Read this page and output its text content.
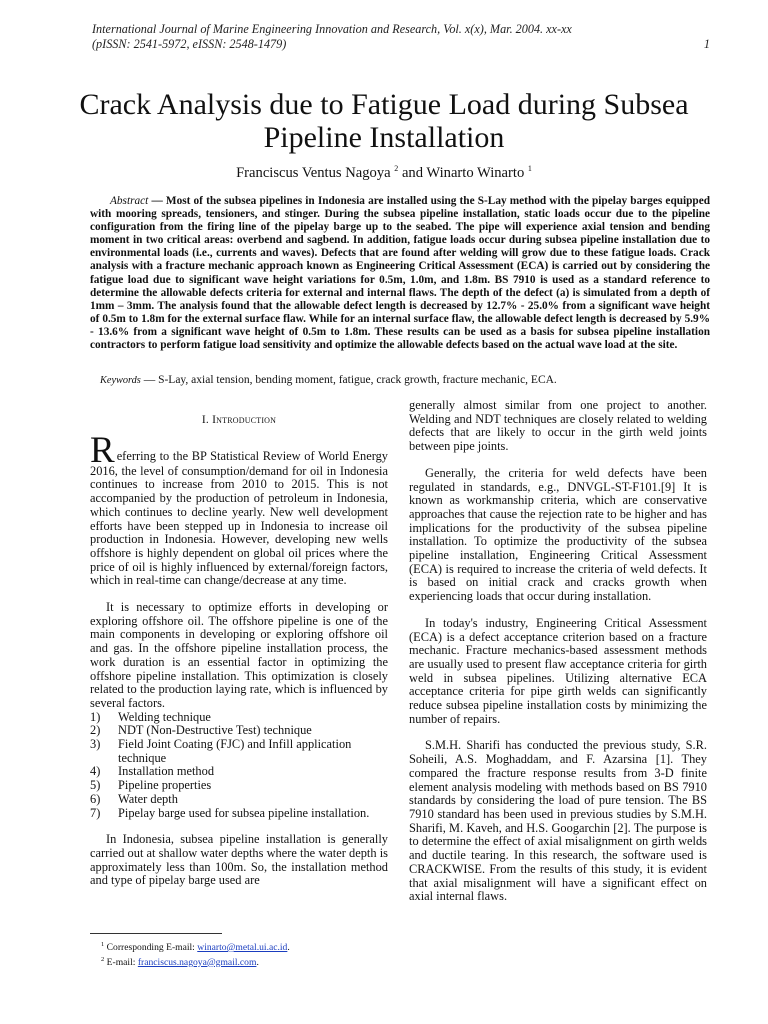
International Journal of Marine Engineering Innovation and Research, Vol. x(x), Mar. 2004. xx-xx
(pISSN: 2541-5972, eISSN: 2548-1479)	1
Crack Analysis due to Fatigue Load during Subsea Pipeline Installation
Franciscus Ventus Nagoya $^2$ and Winarto Winarto $^1$
Abstract — Most of the subsea pipelines in Indonesia are installed using the S-Lay method with the pipelay barges equipped with mooring spreads, tensioners, and stinger. During the subsea pipeline installation, static loads occur due to the pipeline configuration from the firing line of the pipelay barge up to the seabed. The pipe will experience axial tension and bending moment in two critical areas: overbend and sagbend. In addition, fatigue loads occur during subsea pipeline installation due to environmental loads (i.e., currents and waves). Defects that are found after welding will grow due to these fatigue loads. Crack analysis with a fracture mechanic approach known as Engineering Critical Assessment (ECA) is carried out by considering the fatigue load due to significant wave height variations for 0.5m, 1.0m, and 1.8m. BS 7910 is used as a standard reference to determine the allowable defects criteria for external and internal flaws. The depth of the defect (a) is simulated from a depth of 1mm – 3mm. The analysis found that the allowable defect length is decreased by 12.7% - 25.0% from a significant wave height of 0.5m to 1.8m for the external surface flaw. While for an internal surface flaw, the allowable defect length is decreased by 5.9% - 13.6% from a significant wave height of 0.5m to 1.8m. These results can be used as a basis for subsea pipeline installation contractors to perform fatigue load sensitivity and optimize the allowable defects based on the actual wave load at the site.
Keywords — S-Lay, axial tension, bending moment, fatigue, crack growth, fracture mechanic, ECA.
I. Introduction

Referring to the BP Statistical Review of World Energy 2016, the level of consumption/demand for oil in Indonesia continues to increase from 2010 to 2015. This is not accompanied by the production of petroleum in Indonesia, which continues to decline yearly. New well development efforts have been stepped up in Indonesia to increase oil production in Indonesia. However, developing new wells offshore is highly dependent on global oil prices where the price of oil is highly influenced by external/foreign factors, which in real-time can change/decrease at any time.

It is necessary to optimize efforts in developing or exploring offshore oil. The offshore pipeline is one of the main components in developing or exploring offshore oil and gas. In the offshore pipeline installation process, the work duration is an essential factor in optimizing the offshore pipeline installation. This optimization is closely related to the production laying rate, which is influenced by several factors.

1)	Welding technique
2)	NDT (Non-Destructive Test) technique
3)	Field Joint Coating (FJC) and Infill application technique
4)	Installation method
5)	Pipeline properties
6)	Water depth
7)	Pipelay barge used for subsea pipeline installation.

In Indonesia, subsea pipeline installation is generally carried out at shallow water depths where the water depth is approximately less than 100m. So, the installation method and type of pipelay barge used are

generally almost similar from one project to another. Welding and NDT techniques are closely related to welding defects that are likely to occur in the girth weld joints between pipe joints.

Generally, the criteria for weld defects have been regulated in standards, e.g., DNVGL-ST-F101.[9] It is known as workmanship criteria, which are conservative approaches that cause the rejection rate to be higher and has implications for the productivity of the subsea pipeline installation. To optimize the productivity of the subsea pipeline installation, Engineering Critical Assessment (ECA) is required to increase the criteria of weld defects. It is based on initial crack and cracks growth when experiencing loads that occur during installation.

In today's industry, Engineering Critical Assessment (ECA) is a defect acceptance criterion based on a fracture mechanic. Fracture mechanics-based assessment methods are usually used to present flaw acceptance criteria for girth weld in subsea pipelines. Utilizing alternative ECA acceptance criteria for pipe girth welds can significantly reduce subsea pipeline installation costs by minimizing the number of repairs.

S.M.H. Sharifi has conducted the previous study, S.R. Soheili, A.S. Moghaddam, and F. Azarsina [1]. They compared the fracture response results from 3-D finite element analysis modeling with methods based on BS 7910 standards by considering the load of pure tension. The BS 7910 standard has been used in previous studies by S.M.H. Sharifi, M. Kaveh, and H.S. Googarchin [2]. The purpose is to determine the effect of axial misalignment on girth welds and ductile tearing. In this research, the software used is CRACKWISE. From the results of this study, it is evident that axial misalignment will have a significant effect on axial internal flaws.

$^1$ Corresponding E-mail: winarto@metal.ui.ac.id.
$^2$ E-mail: franciscus.nagoya@gmail.com.
